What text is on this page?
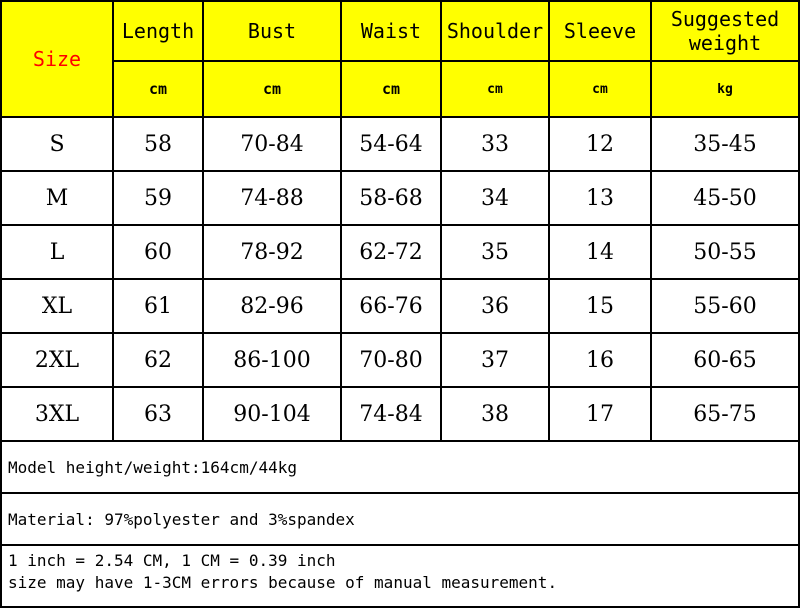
Size	Length	Bust	Waist	Shoulder	Sleeve	Suggested
weight

	cm	cm	cm	cm	cm	kg
S	58	70-84	54-64	33	12	35-45
M	59	74-88	58-68	34	13	45-50
L	60	78-92	62-72	35	14	50-55
XL	61	82-96	66-76	36	15	55-60
2XL	62	86-100	70-80	37	16	60-65
3XL	63	90-104	74-84	38	17	65-75
Model height/weight:164cm/44kg						
Material: 97%polyester and 3%spandex						

1 inch = 2.54 CM, 1 CM = 0.39 inch
size may have 1-3CM errors because of manual measurement.						
